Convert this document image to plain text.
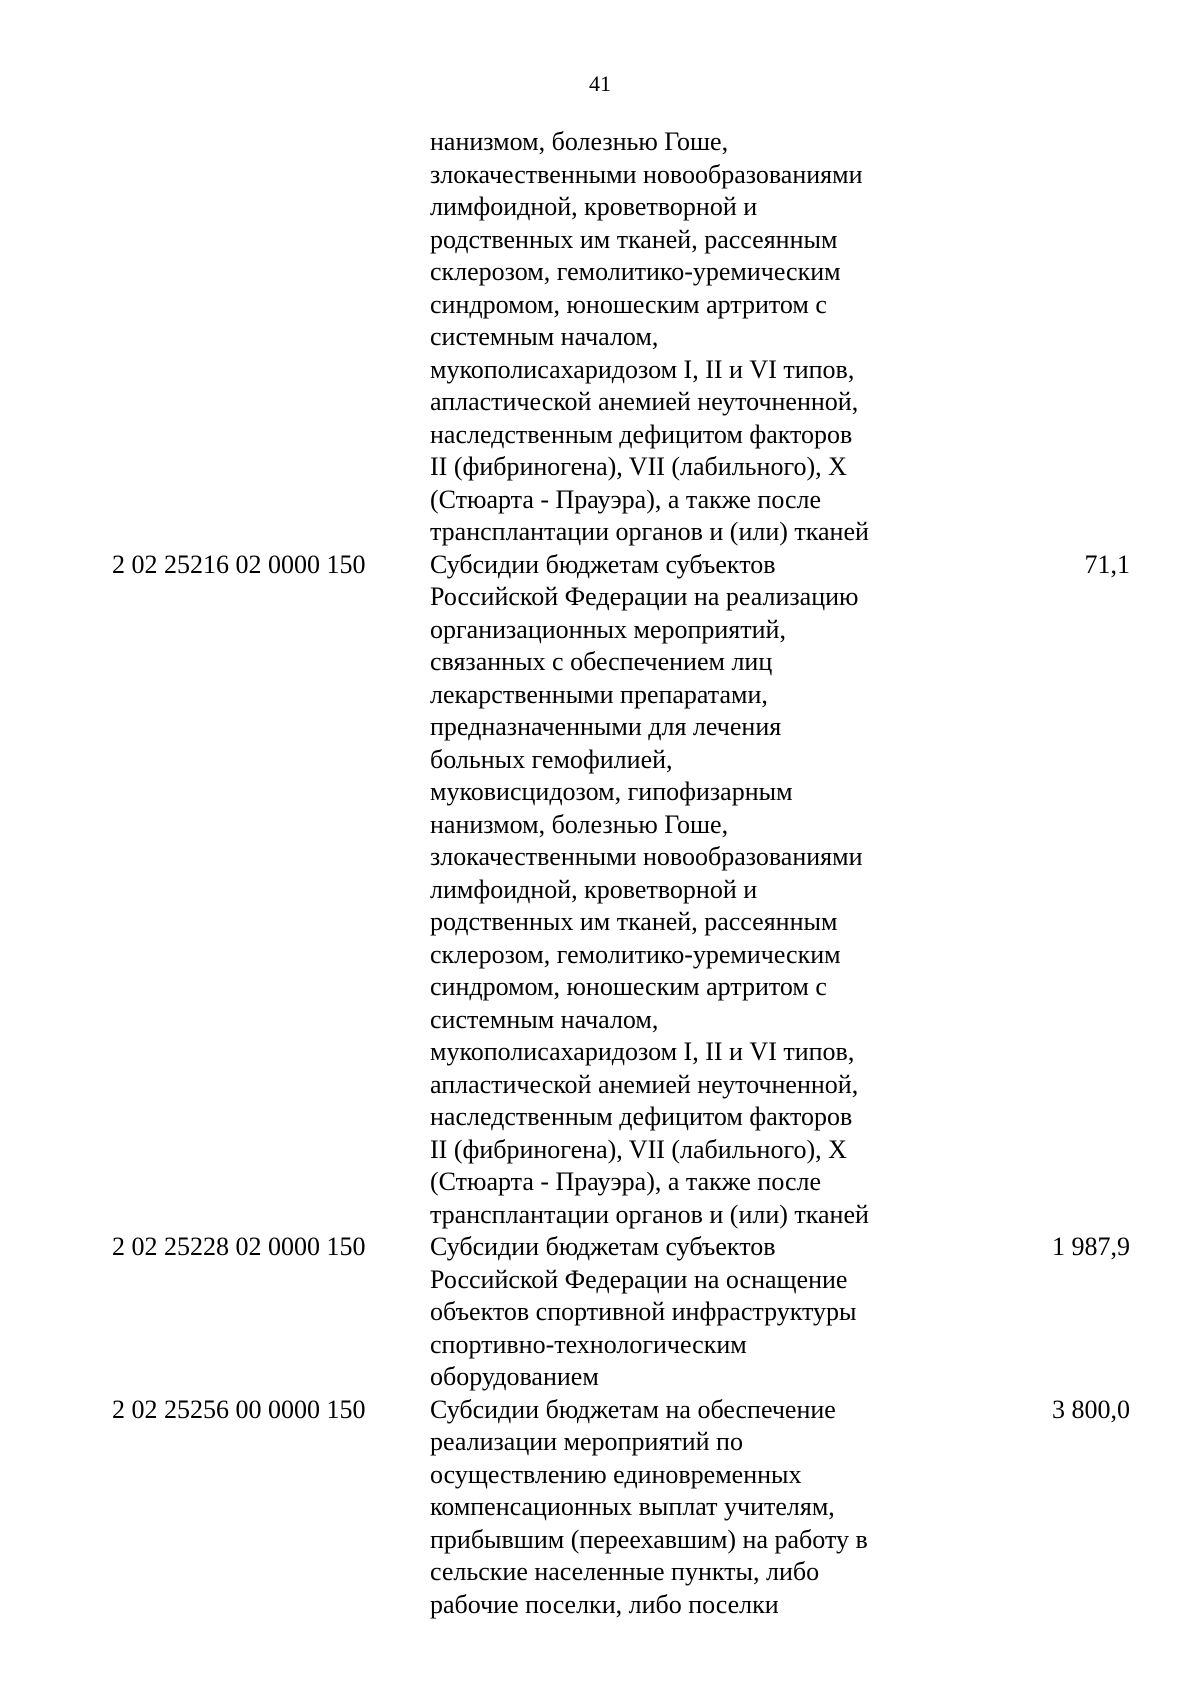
41
нанизмом, болезнью Гоше,
злокачественными новообразованиями
лимфоидной, кроветворной и
родственных им тканей, рассеянным
склерозом, гемолитико-уремическим
синдромом, юношеским артритом с
системным началом,
мукополисахаридозом I, II и VI типов,
апластической анемией неуточненной,
наследственным дефицитом факторов
II (фибриногена), VII (лабильного), X
(Стюарта - Прауэра), а также после
трансплантации органов и (или) тканей
2 02 25216 02 0000 150	Субсидии бюджетам субъектов
Российской Федерации на реализацию
организационных мероприятий,
связанных с обеспечением лиц
лекарственными препаратами,
предназначенными для лечения
больных гемофилией,
муковисцидозом, гипофизарным
нанизмом, болезнью Гоше,
злокачественными новообразованиями
лимфоидной, кроветворной и
родственных им тканей, рассеянным
склерозом, гемолитико-уремическим
синдромом, юношеским артритом с
системным началом,
мукополисахаридозом I, II и VI типов,
апластической анемией неуточненной,
наследственным дефицитом факторов
II (фибриногена), VII (лабильного), X
(Стюарта - Прауэра), а также после
трансплантации органов и (или) тканей
71,1
2 02 25228 02 0000 150	Субсидии бюджетам субъектов
Российской Федерации на оснащение
объектов спортивной инфраструктуры
спортивно-технологическим
оборудованием
1 987,9
2 02 25256 00 0000 150	Субсидии бюджетам на обеспечение
реализации мероприятий по
осуществлению единовременных
компенсационных выплат учителям,
прибывшим (переехавшим) на работу в
сельские населенные пункты, либо
рабочие поселки, либо поселки
3 800,0
